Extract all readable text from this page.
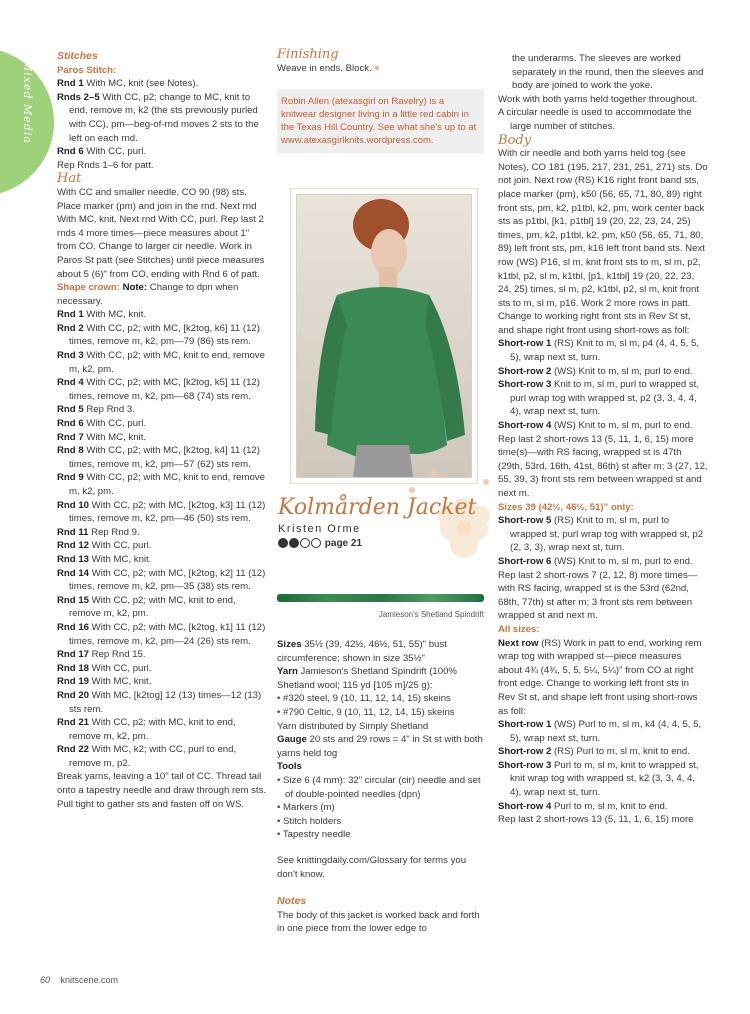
Mixed Media

Stitches

Paros Stitch:

Rnd 1 With MC, knit (see Notes).

Rnds 2–5 With CC, p2; change to MC, knit to end, remove m, k2 (the sts previously purled with CC), pm—beg-of-rnd moves 2 sts to the left on each rnd.

Rnd 6 With CC, purl.

Rep Rnds 1–6 for patt.

Hat

With CC and smaller needle, CO 90 (98) sts. Place marker (pm) and join in the rnd. Next rnd With MC, knit. Next rnd With CC, purl. Rep last 2 rnds 4 more times—piece measures about 1" from CO. Change to larger cir needle. Work in Paros St patt (see Stitches) until piece measures about 5 (6)" from CO, ending with Rnd 6 of patt.

Shape crown: Note: Change to dpn when necessary.

Rnd 1 With MC, knit.

Rnd 2 With CC, p2; with MC, [k2tog, k6] 11 (12) times, remove m, k2, pm—79 (86) sts rem.

Rnd 3 With CC, p2; with MC, knit to end, remove m, k2, pm.

Rnd 4 With CC, p2; with MC, [k2tog, k5] 11 (12) times, remove m, k2, pm—68 (74) sts rem.

Rnd 5 Rep Rnd 3.

Rnd 6 With CC, purl.

Rnd 7 With MC, knit.

Rnd 8 With CC, p2; with MC, [k2tog, k4] 11 (12) times, remove m, k2, pm—57 (62) sts rem.

Rnd 9 With CC, p2; with MC, knit to end, remove m, k2, pm.

Rnd 10 With CC, p2; with MC, [k2tog, k3] 11 (12) times, remove m, k2, pm—46 (50) sts rem.

Rnd 11 Rep Rnd 9.

Rnd 12 With CC, purl.

Rnd 13 With MC, knit.

Rnd 14 With CC, p2; with MC, [k2tog, k2] 11 (12) times, remove m, k2, pm—35 (38) sts rem.

Rnd 15 With CC, p2; with MC, knit to end, remove m, k2, pm.

Rnd 16 With CC, p2; with MC, [k2tog, k1] 11 (12) times, remove m, k2, pm—24 (26) sts rem.

Rnd 17 Rep Rnd 15.

Rnd 18 With CC, purl.

Rnd 19 With MC, knit.

Rnd 20 With MC, [k2tog] 12 (13) times—12 (13) sts rem.

Rnd 21 With CC, p2; with MC, knit to end, remove m, k2, pm.

Rnd 22 With MC, k2; with CC, purl to end, remove m, p2.

Break yarns, leaving a 10" tail of CC. Thread tail onto a tapestry needle and draw through rem sts. Pull tight to gather sts and fasten off on WS.

Finishing

Weave in ends. Block. ♥

Robin Allen (atexasgirl on Ravelry) is a knitwear designer living in a little red cabin in the Texas Hill Country. See what she's up to at www.atexasgirlknits.wordpress.com.
Kolmården Jacket
Kristen Orme
page 21
Jamieson's Shetland Spindrift

Sizes 35½ (39, 42½, 46½, 51, 55)" bust circumference; shown in size 35½"

Yarn Jamieson's Shetland Spindrift (100% Shetland wool; 115 yd [105 m]/25 g):

• #320 steel, 9 (10, 11, 12, 14, 15) skeins

• #790 Celtic, 9 (10, 11, 12, 14, 15) skeins

Yarn distributed by Simply Shetland

Gauge 20 sts and 29 rows = 4" in St st with both yarns held tog

Tools

• Size 6 (4 mm): 32" circular (cir) needle and set of double-pointed needles (dpn)

• Markers (m)

• Stitch holders

• Tapestry needle

See knittingdaily.com/Glossary for terms you don't know.

Notes

The body of this jacket is worked back and forth in one piece from the lower edge to

the underarms. The sleeves are worked separately in the round, then the sleeves and body are joined to work the yoke.

Work with both yarns held together throughout.

A circular needle is used to accommodate the large number of stitches.

Body

With cir needle and both yarns held tog (see Notes), CO 181 (195, 217, 231, 251, 271) sts. Do not join. Next row (RS) K16 right front band sts, place marker (pm), k50 (56, 65, 71, 80, 89) right front sts, pm, k2, p1tbl, k2, pm, work center back sts as p1tbl, [k1, p1tbl] 19 (20, 22, 23, 24, 25) times, pm, k2, p1tbl, k2, pm, k50 (56, 65, 71, 80, 89) left front sts, pm, k16 left front band sts. Next row (WS) P16, sl m, knit front sts to m, sl m, p2, k1tbl, p2, sl m, k1tbl, [p1, k1tbl] 19 (20, 22, 23, 24, 25) times, sl m, p2, k1tbl, p2, sl m, knit front sts to m, sl m, p16. Work 2 more rows in patt. Change to working right front sts in Rev St st, and shape right front using short-rows as foll:

Short-row 1 (RS) Knit to m, sl m, p4 (4, 4, 5, 5, 5), wrap next st, turn.

Short-row 2 (WS) Knit to m, sl m, purl to end.

Short-row 3 Knit to m, sl m, purl to wrapped st, purl wrap tog with wrapped st, p2 (3, 3, 4, 4, 4), wrap next st, turn.

Short-row 4 (WS) Knit to m, sl m, purl to end.

Rep last 2 short-rows 13 (5, 11, 1, 6, 15) more time(s)—with RS facing, wrapped st is 47th (29th, 53rd, 16th, 41st, 86th) st after m; 3 (27, 12, 55, 39, 3) front sts rem between wrapped st and next m.

Sizes 39 (42½, 46½, 51)" only:

Short-row 5 (RS) Knit to m, sl m, purl to wrapped st, purl wrap tog with wrapped st, p2 (2, 3, 3), wrap next st, turn.

Short-row 6 (WS) Knit to m, sl m, purl to end.

Rep last 2 short-rows 7 (2, 12, 8) more times—with RS facing, wrapped st is the 53rd (62nd, 68th, 77th) st after m; 3 front sts rem between wrapped st and next m.

All sizes:

Next row (RS) Work in patt to end, working rem wrap tog with wrapped st—piece measures about 4¾ (4¾, 5, 5, 5¼, 5¼)" from CO at right front edge. Change to working left front sts in Rev St st, and shape left front using short-rows as foll:

Short-row 1 (WS) Purl to m, sl m, k4 (4, 4, 5, 5, 5), wrap next st, turn.

Short-row 2 (RS) Purl to m, sl m, knit to end.

Short-row 3 Purl to m, sl m, knit to wrapped st, knit wrap tog with wrapped st, k2 (3, 3, 4, 4, 4), wrap next st, turn.

Short-row 4 Purl to m, sl m, knit to end.

Rep last 2 short-rows 13 (5, 11, 1, 6, 15) more

60 knitscene.com
